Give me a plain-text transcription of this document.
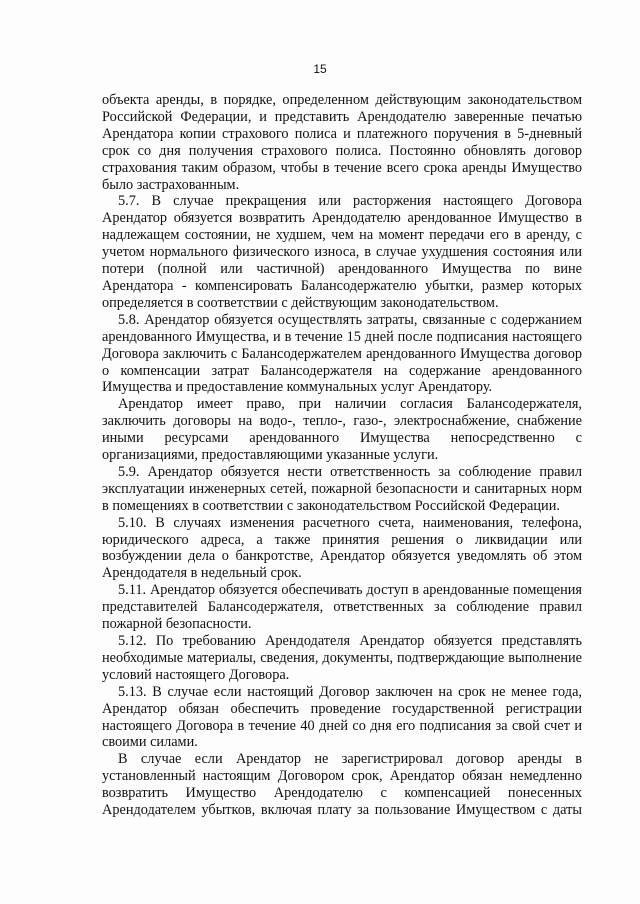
15

объекта аренды, в порядке, определенном действующим законодательством Российской Федерации, и представить Арендодателю заверенные печатью Арендатора копии страхового полиса и платежного поручения в 5-дневный срок со дня получения страхового полиса. Постоянно обновлять договор страхования таким образом, чтобы в течение всего срока аренды Имущество было застрахованным.

5.7. В случае прекращения или расторжения настоящего Договора Арендатор обязуется возвратить Арендодателю арендованное Имущество в надлежащем состоянии, не худшем, чем на момент передачи его в аренду, с учетом нормального физического износа, в случае ухудшения состояния или потери (полной или частичной) арендованного Имущества по вине Арендатора - компенсировать Балансодержателю убытки, размер которых определяется в соответствии с действующим законодательством.

5.8. Арендатор обязуется осуществлять затраты, связанные с содержанием арендованного Имущества, и в течение 15 дней после подписания настоящего Договора заключить с Балансодержателем арендованного Имущества договор о компенсации затрат Балансодержателя на содержание арендованного Имущества и предоставление коммунальных услуг Арендатору.

Арендатор имеет право, при наличии согласия Балансодержателя, заключить договоры на водо-, тепло-, газо-, электроснабжение, снабжение иными ресурсами арендованного Имущества непосредственно с организациями, предоставляющими указанные услуги.

5.9. Арендатор обязуется нести ответственность за соблюдение правил эксплуатации инженерных сетей, пожарной безопасности и санитарных норм в помещениях в соответствии с законодательством Российской Федерации.

5.10. В случаях изменения расчетного счета, наименования, телефона, юридического адреса, а также принятия решения о ликвидации или возбуждении дела о банкротстве, Арендатор обязуется уведомлять об этом Арендодателя в недельный срок.

5.11. Арендатор обязуется обеспечивать доступ в арендованные помещения представителей Балансодержателя, ответственных за соблюдение правил пожарной безопасности.

5.12. По требованию Арендодателя Арендатор обязуется представлять необходимые материалы, сведения, документы, подтверждающие выполнение условий настоящего Договора.

5.13. В случае если настоящий Договор заключен на срок не менее года, Арендатор обязан обеспечить проведение государственной регистрации настоящего Договора в течение 40 дней со дня его подписания за свой счет и своими силами.

В случае если Арендатор не зарегистрировал договор аренды в установленный настоящим Договором срок, Арендатор обязан немедленно возвратить Имущество Арендодателю с компенсацией понесенных Арендодателем убытков, включая плату за пользование Имуществом с даты
